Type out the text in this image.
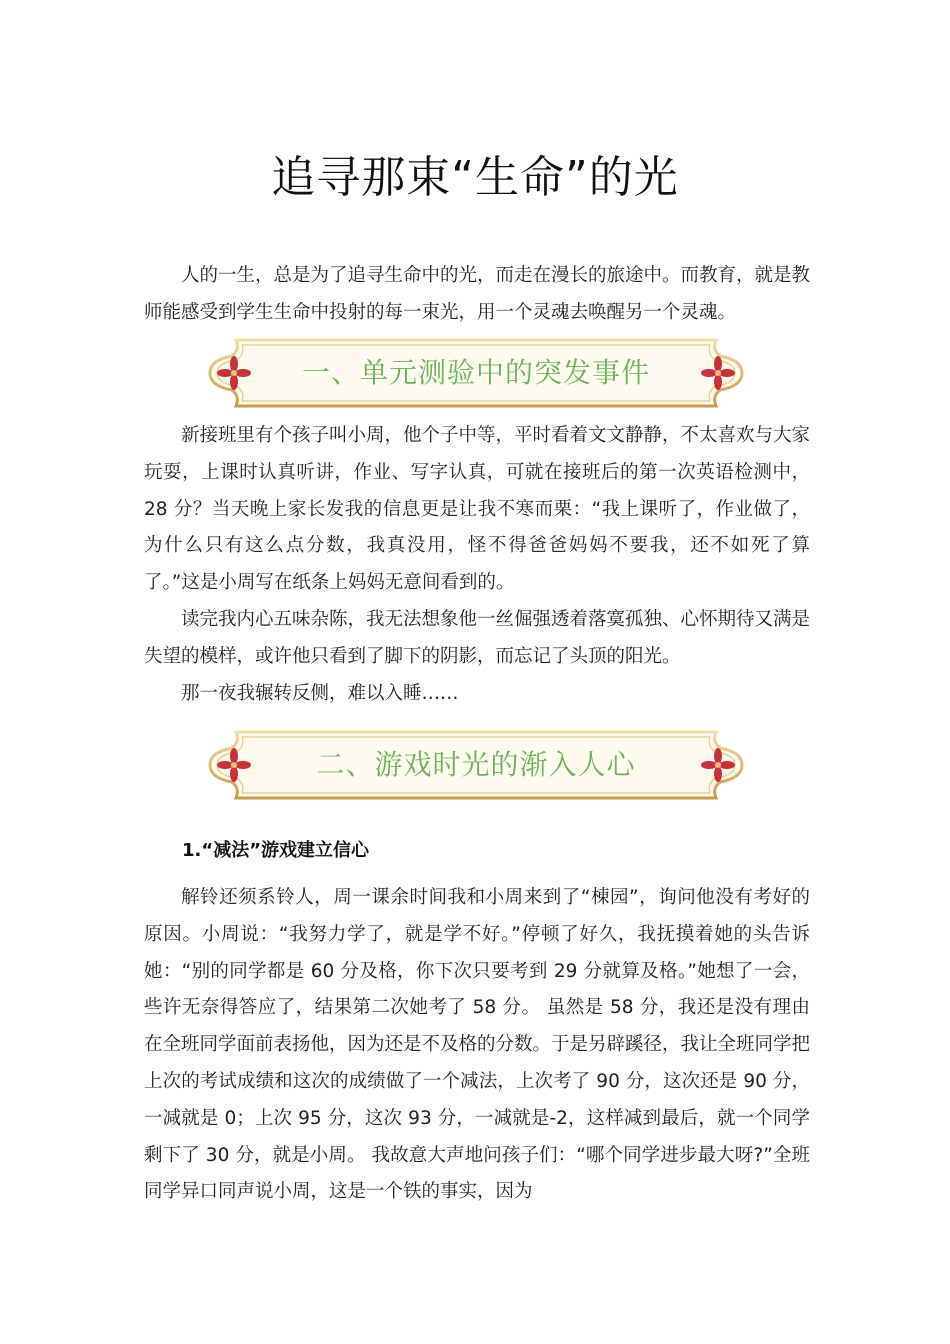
追寻那束“生命”的光

人的一生，总是为了追寻生命中的光，而走在漫长的旅途中。而教育，就是教师能感受到学生生命中投射的每一束光，用一个灵魂去唤醒另一个灵魂。

一、单元测验中的突发事件

新接班里有个孩子叫小周，他个子中等，平时看着文文静静，不太喜欢与大家玩耍，上课时认真听讲，作业、写字认真，可就在接班后的第一次英语检测中，28 分？当天晚上家长发我的信息更是让我不寒而栗：“我上课听了，作业做了，为什么只有这么点分数，我真没用，怪不得爸爸妈妈不要我，还不如死了算了。”这是小周写在纸条上妈妈无意间看到的。

读完我内心五味杂陈，我无法想象他一丝倔强透着落寞孤独、心怀期待又满是失望的模样，或许他只看到了脚下的阴影，而忘记了头顶的阳光。

那一夜我辗转反侧，难以入睡……

二、游戏时光的渐入人心
1.“减法”游戏建立信心

解铃还须系铃人，周一课余时间我和小周来到了“棟园”，询问他没有考好的原因。小周说：“我努力学了，就是学不好。”停顿了好久，我抚摸着她的头告诉她：“别的同学都是 60 分及格，你下次只要考到 29 分就算及格。”她想了一会，些许无奈得答应了，结果第二次她考了 58 分。 虽然是 58 分，我还是没有理由在全班同学面前表扬他，因为还是不及格的分数。于是另辟蹊径，我让全班同学把上次的考试成绩和这次的成绩做了一个减法，上次考了 90 分，这次还是 90 分，一减就是 0；上次 95 分，这次 93 分，一减就是-2，这样减到最后，就一个同学剩下了 30 分，就是小周。 我故意大声地问孩子们：“哪个同学进步最大呀?”全班同学异口同声说小周，这是一个铁的事实，因为
